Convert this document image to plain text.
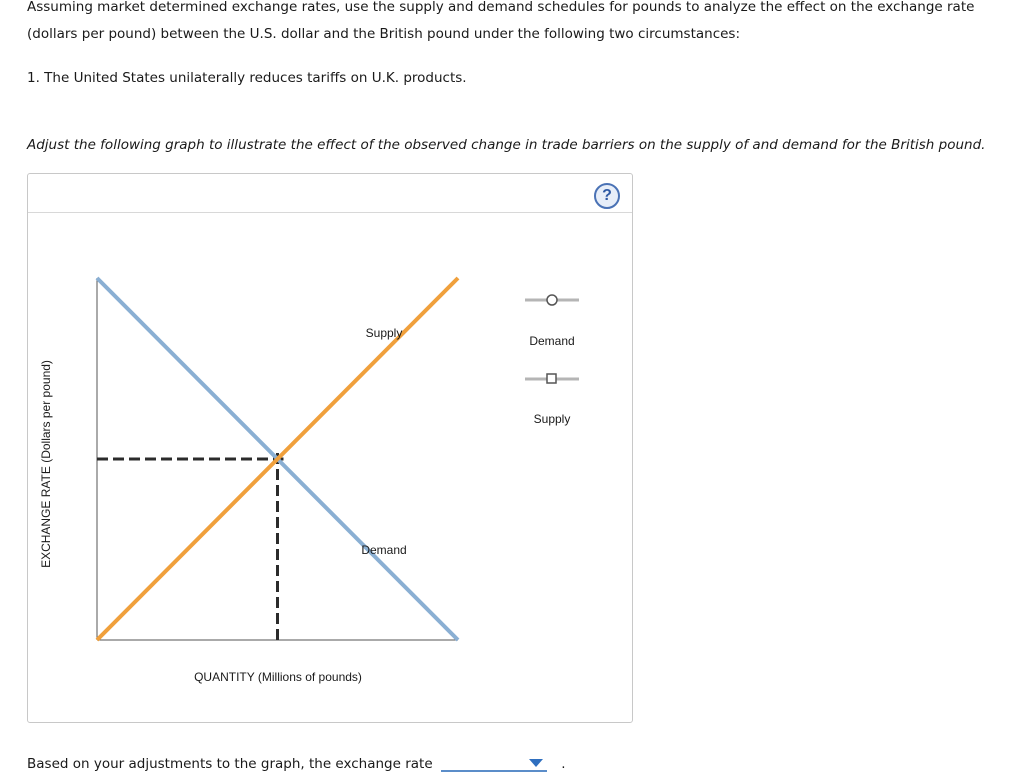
Assuming market determined exchange rates, use the supply and demand schedules for pounds to analyze the effect on the exchange rate (dollars per pound) between the U.S. dollar and the British pound under the following two circumstances:
1. The United States unilaterally reduces tariffs on U.K. products.
Adjust the following graph to illustrate the effect of the observed change in trade barriers on the supply of and demand for the British pound.
?
EXCHANGE RATE (Dollars per pound)
Supply
Demand
QUANTITY (Millions of pounds)
Demand
Supply
Based on your adjustments to the graph, the exchange rate	.
